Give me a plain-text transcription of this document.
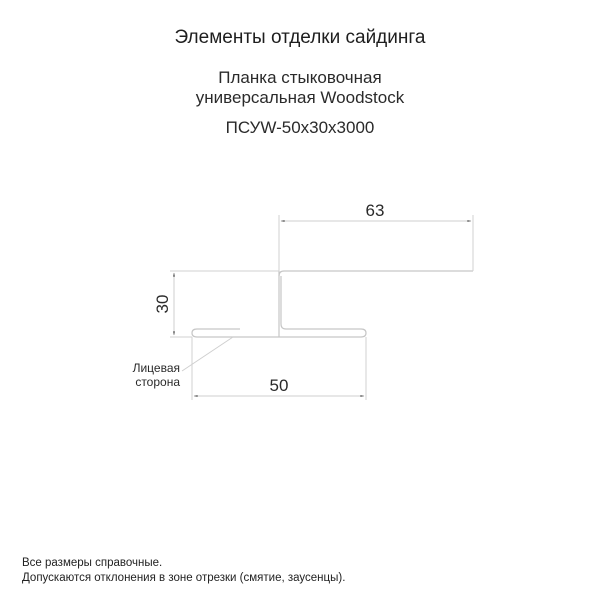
Элементы отделки сайдинга
Планка стыковочная
универсальная Woodstock
ПСУW-50x30x3000
63
30
50
Лицевая
сторона
Все размеры справочные.
Допускаются отклонения в зоне отрезки (смятие, заусенцы).
